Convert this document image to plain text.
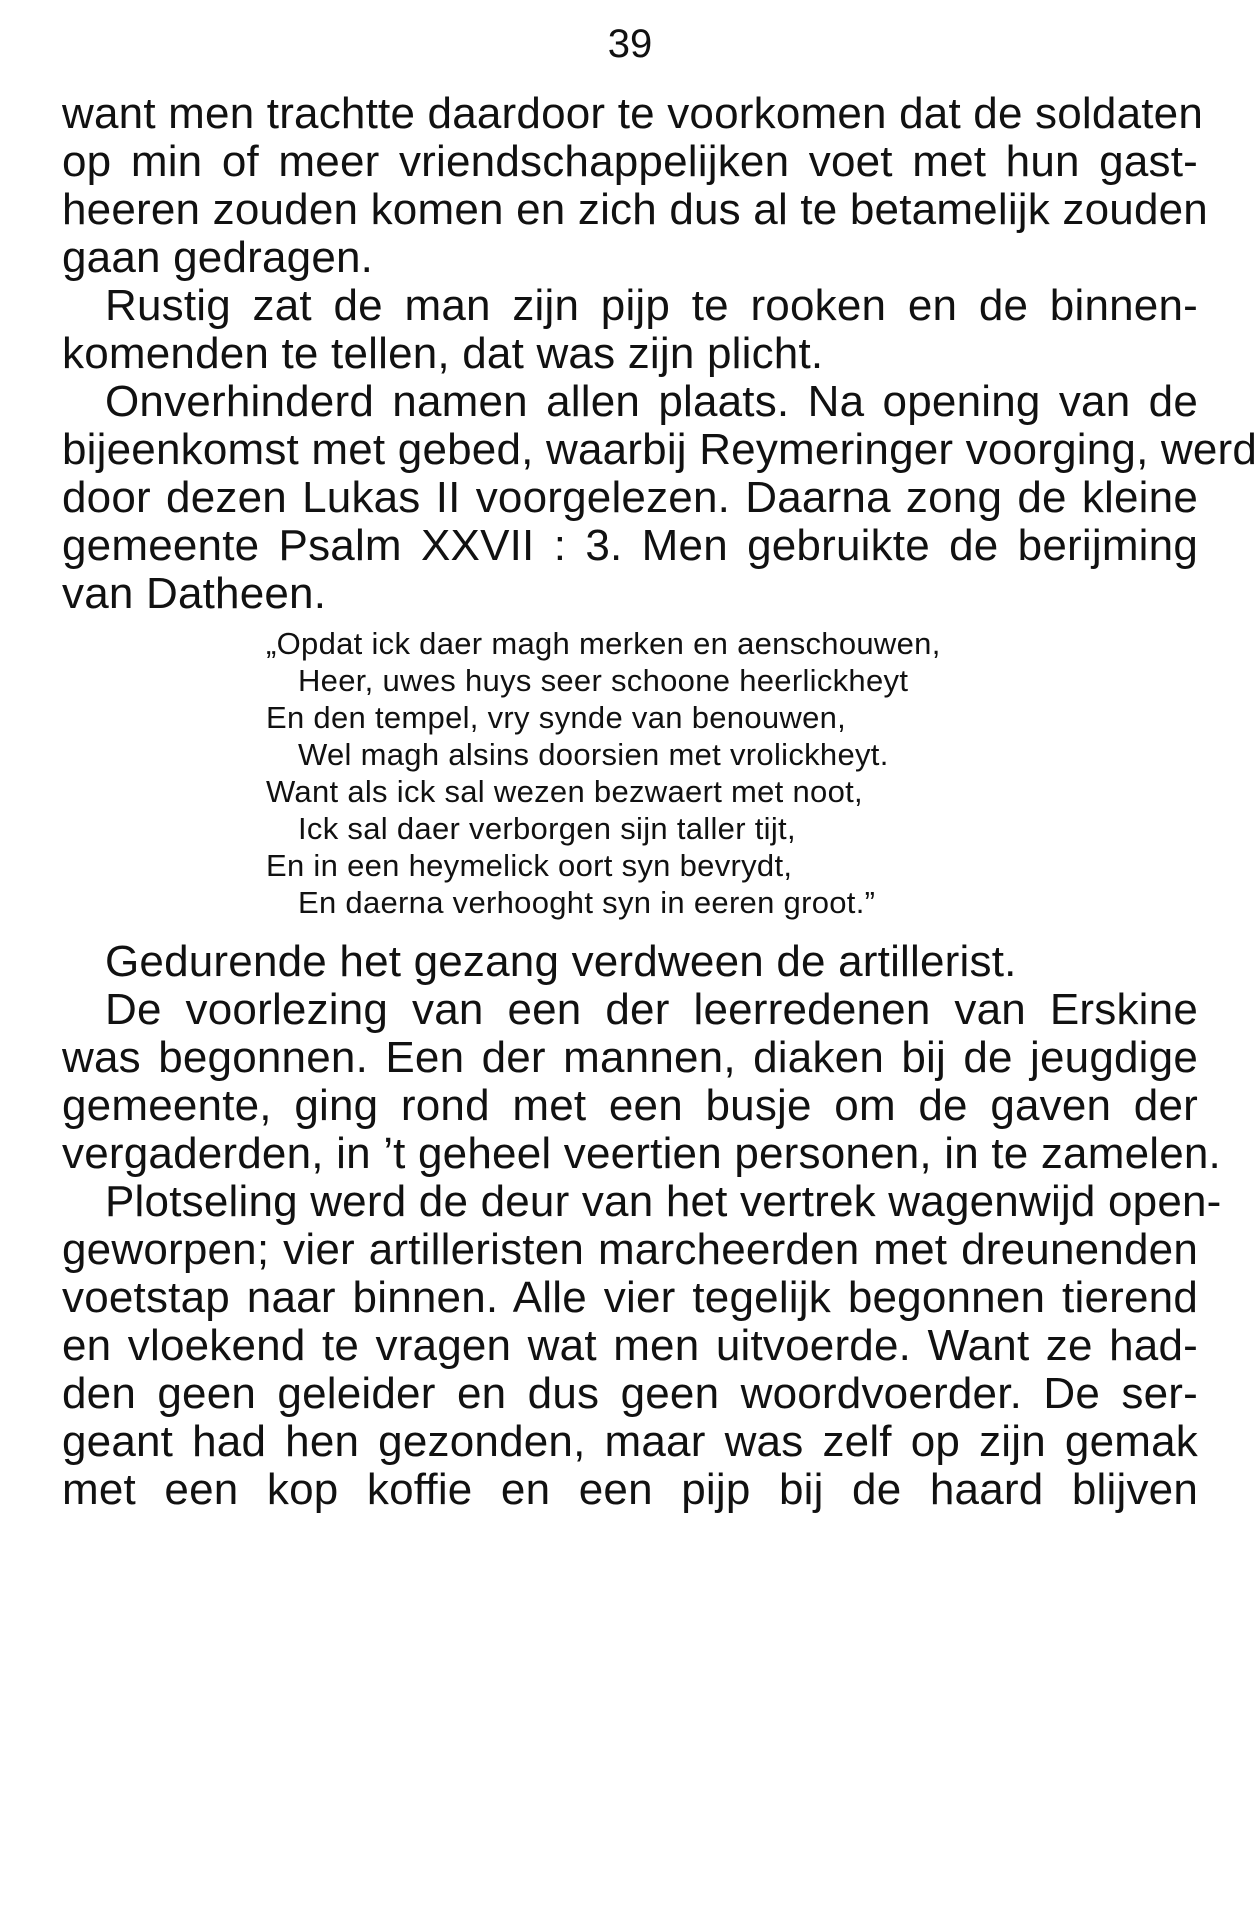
39
want men trachtte daardoor te voorkomen dat de soldaten
op min of meer vriendschappelijken voet met hun gast-
heeren zouden komen en zich dus al te betamelijk zouden
gaan gedragen.
Rustig zat de man zijn pijp te rooken en de binnen-
komenden te tellen, dat was zijn plicht.
Onverhinderd namen allen plaats. Na opening van de
bijeenkomst met gebed, waarbij Reymeringer voorging, werd
door dezen Lukas II voorgelezen. Daarna zong de kleine
gemeente Psalm XXVII : 3. Men gebruikte de berijming
van Datheen.
„Opdat ick daer magh merken en aenschouwen,
Heer, uwes huys seer schoone heerlickheyt
En den tempel, vry synde van benouwen,
Wel magh alsins doorsien met vrolickheyt.
Want als ick sal wezen bezwaert met noot,
Ick sal daer verborgen sijn taller tijt,
En in een heymelick oort syn bevrydt,
En daerna verhooght syn in eeren groot.”
Gedurende het gezang verdween de artillerist.
De voorlezing van een der leerredenen van Erskine
was begonnen. Een der mannen, diaken bij de jeugdige
gemeente, ging rond met een busje om de gaven der
vergaderden, in ’t geheel veertien personen, in te zamelen.
Plotseling werd de deur van het vertrek wagenwijd open-
geworpen; vier artilleristen marcheerden met dreunenden
voetstap naar binnen. Alle vier tegelijk begonnen tierend
en vloekend te vragen wat men uitvoerde. Want ze had-
den geen geleider en dus geen woordvoerder. De ser-
geant had hen gezonden, maar was zelf op zijn gemak
met een kop koffie en een pijp bij de haard blijven
